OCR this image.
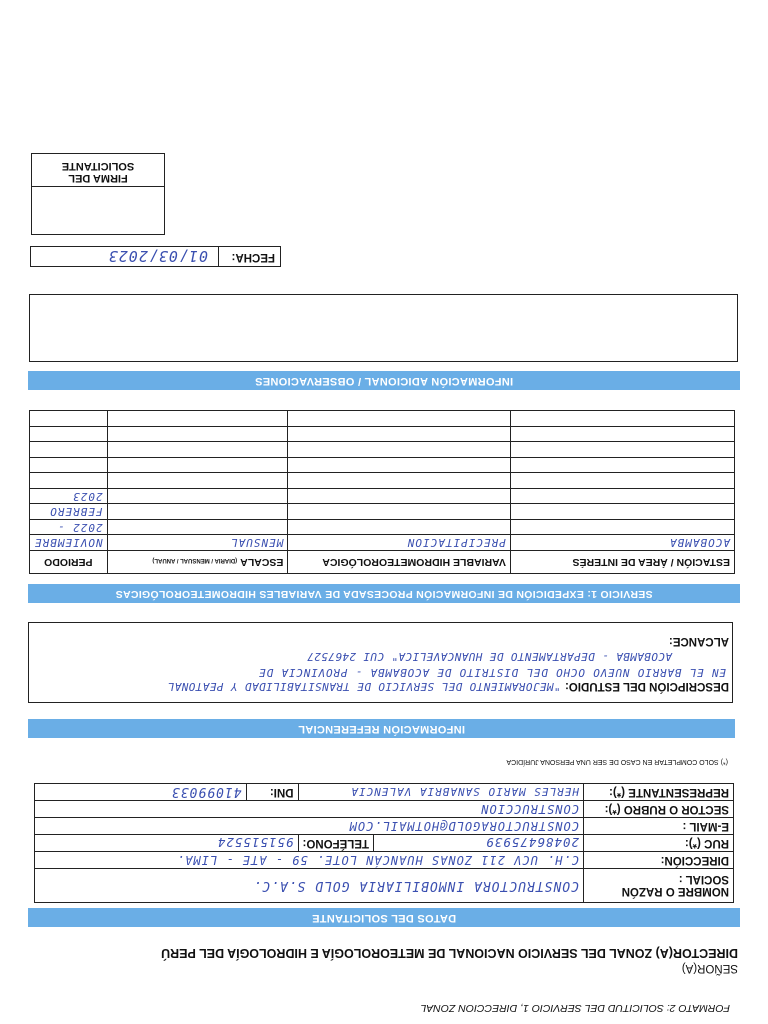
FORMATO 2: SOLICITUD DEL SERVICIO 1, DIRECCION ZONAL
SEÑOR(A)
DIRECTOR(A) ZONAL DEL SERVICIO NACIONAL DE METEOROLOGÍA E HIDROLOGÍA DEL PERÚ
DATOS DEL SOLICITANTE
NOMBRE O RAZÓN
SOCIAL :	CONSTRUCTORA INMOBILIARIA GOLD S.A.C.			
DIRECCIÓN:	C.H. UCV 211 ZONAS HUANCÁN LOTE. 59 - ATE - LIMA.			
RUC (*):	20486475939	TELÉFONO:	951515524	
E-MAIL :	CONSTRUCTORAGOLD@HOTMAIL.COM			
SECTOR O RUBRO (*):	CONSTRUCCION			
REPRESENTANTE (*):	HERLES MARIO SANABRIA VALENCIA		DNI:	41099033
(*) SOLO COMPLETAR EN CASO DE SER UNA PERSONA JURÍDICA
INFORMACIÓN REFERENCIAL
DESCRIPCIÓN DEL ESTUDIO: "MEJORAMIENTO DEL SERVICIO DE TRANSITABILIDAD Y PEATONAL
EN EL BARRIO NUEVO OCHO DEL DISTRITO DE ACOBAMBA - PROVINCIA DE
ACOBAMBA - DEPARTAMENTO DE HUANCAVELICA" CUI 2467527
ALCANCE:
SERVICIO 1: EXPEDICIÓN DE INFORMACIÓN PROCESADA DE VARIABLES HIDROMETEOROLÓGICAS
ESTACIÓN / ÁREA DE INTERÉS	VARIABLE HIDROMETEOROLÓGICA	ESCALA (DIARIA / MENSUAL / ANUAL)	PERIODO
ACOBAMBA	PRECIPITACION	MENSUAL	NOVIEMBRE
			2022 -
			FEBRERO
			2023

INFORMACIÓN ADICIONAL / OBSERVACIONES
FECHA:
01/03/2023
FIRMA DEL
SOLICITANTE
